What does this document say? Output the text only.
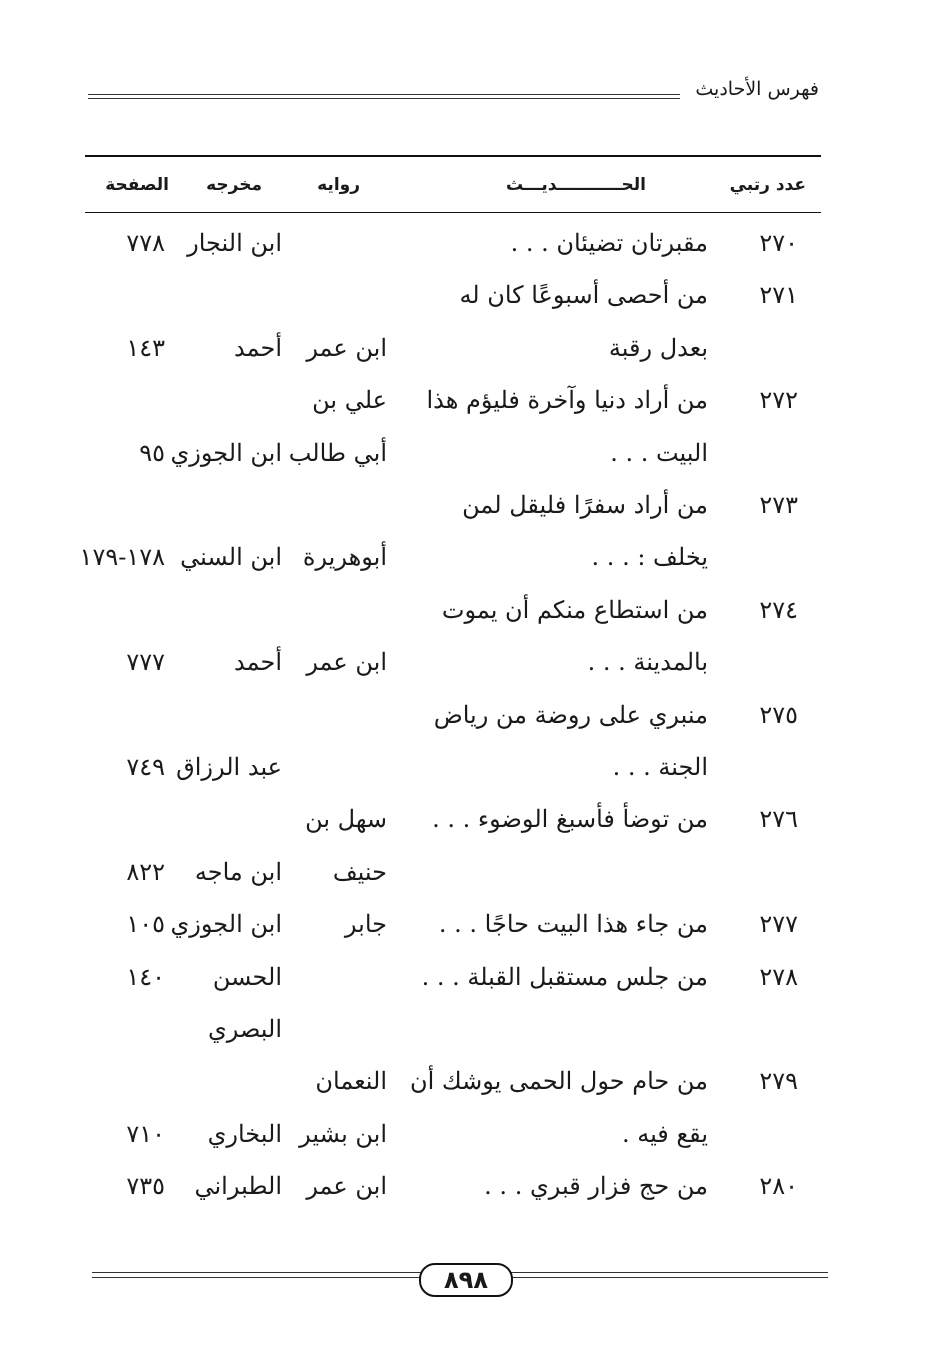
فهرس الأحاديث
عدد رتبي
الحـــــــــــديـــث
روايه
مخرجه
الصفحة
٢٧٠
مقبرتان تضيئان . . .
ابن النجار
٧٧٨
٢٧١
من أحصى أسبوعًا كان له
بعدل رقبة
ابن عمر
أحمد
١٤٣
٢٧٢
من أراد دنيا وآخرة فليؤم هذا
البيت . . .
علي بن
أبي طالب
ابن الجوزي
٩٥
٢٧٣
من أراد سفرًا فليقل لمن
يخلف : . . .
أبوهريرة
ابن السني
١٧٨-١٧٩
٢٧٤
من استطاع منكم أن يموت
بالمدينة . . .
ابن عمر
أحمد
٧٧٧
٢٧٥
منبري على روضة من رياض
الجنة . . .
عبد الرزاق
٧٤٩
٢٧٦
من توضأ فأسبغ الوضوء . . .
سهل بن
حنيف
ابن ماجه
٨٢٢
٢٧٧
من جاء هذا البيت حاجًا . . .
جابر
ابن الجوزي
١٠٥
٢٧٨
من جلس مستقبل القبلة . . .
الحسن
البصري
١٤٠
٢٧٩
من حام حول الحمى يوشك أن
يقع فيه .
النعمان
ابن بشير
البخاري
٧١٠
٢٨٠
من حج فزار قبري . . .
ابن عمر
الطبراني
٧٣٥
٨٩٨
